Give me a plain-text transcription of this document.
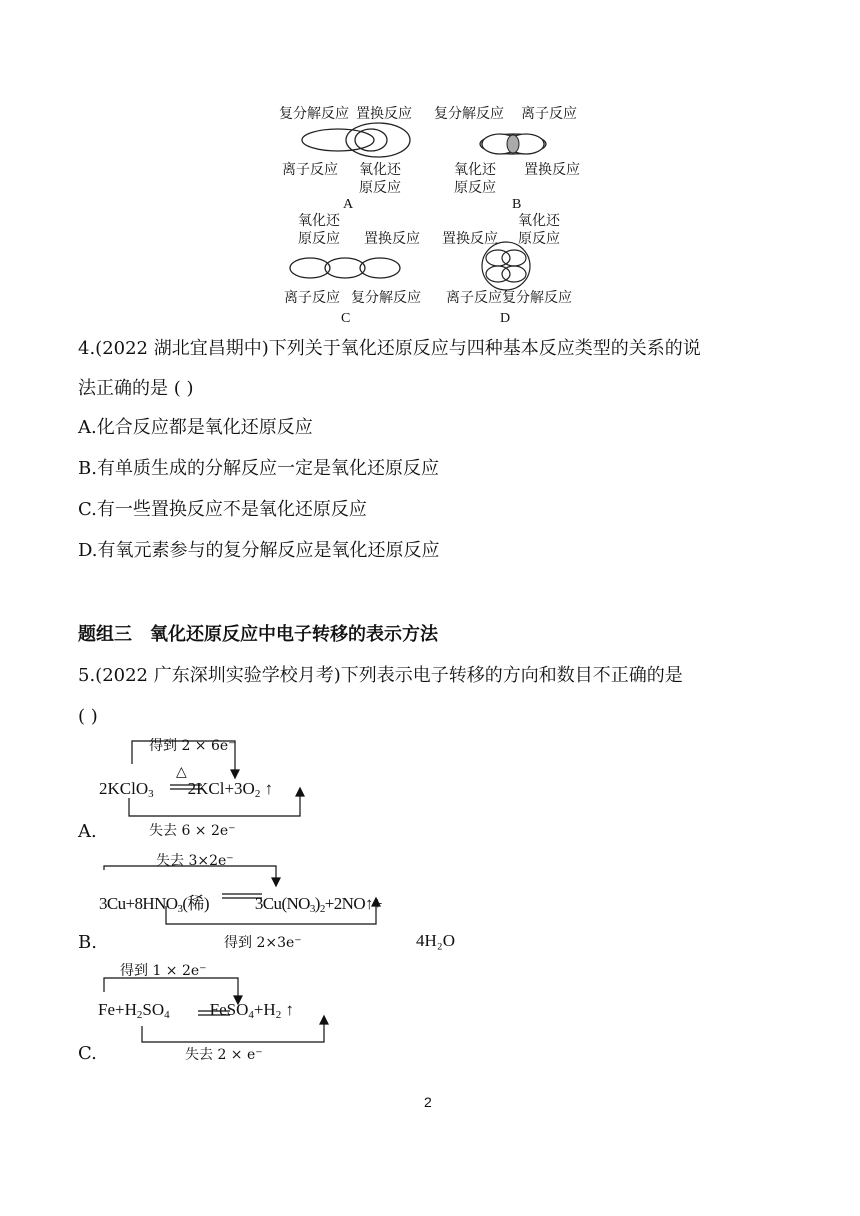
复分解反应 置换反应
离子反应 氧化还
原反应
A
复分解反应 离子反应
氧化还
原反应
置换反应
B
氧化还
原反应 置换反应
离子反应 复分解反应
C
置换反应
氧化还
原反应
离子反应 复分解反应
D
4.(2022 湖北宜昌期中)下列关于氧化还原反应与四种基本反应类型的关系的说
法正确的是 ( )
A.化合反应都是氧化还原反应
B.有单质生成的分解反应一定是氧化还原反应
C.有一些置换反应不是氧化还原反应
D.有氧元素参与的复分解反应是氧化还原反应
题组三　氧化还原反应中电子转移的表示方法
5.(2022 广东深圳实验学校月考)下列表示电子转移的方向和数目不正确的是
( )
得到 2 × 6e⁻
△
2KClO$_3$ $2KCl+3O_2$ ↑
失去 6 × 2e⁻
A.
失去 3×2e⁻
$3Cu+8HNO_3$(稀)	$3Cu(NO_3)_2+2NO↑+$
得到 2×3e⁻	4H₂O
B.
得到 1 × 2e⁻
$Fe+H_2SO_4$ $FeSO_4+H_2$ ↑
失去 2 × e⁻
C.
2
